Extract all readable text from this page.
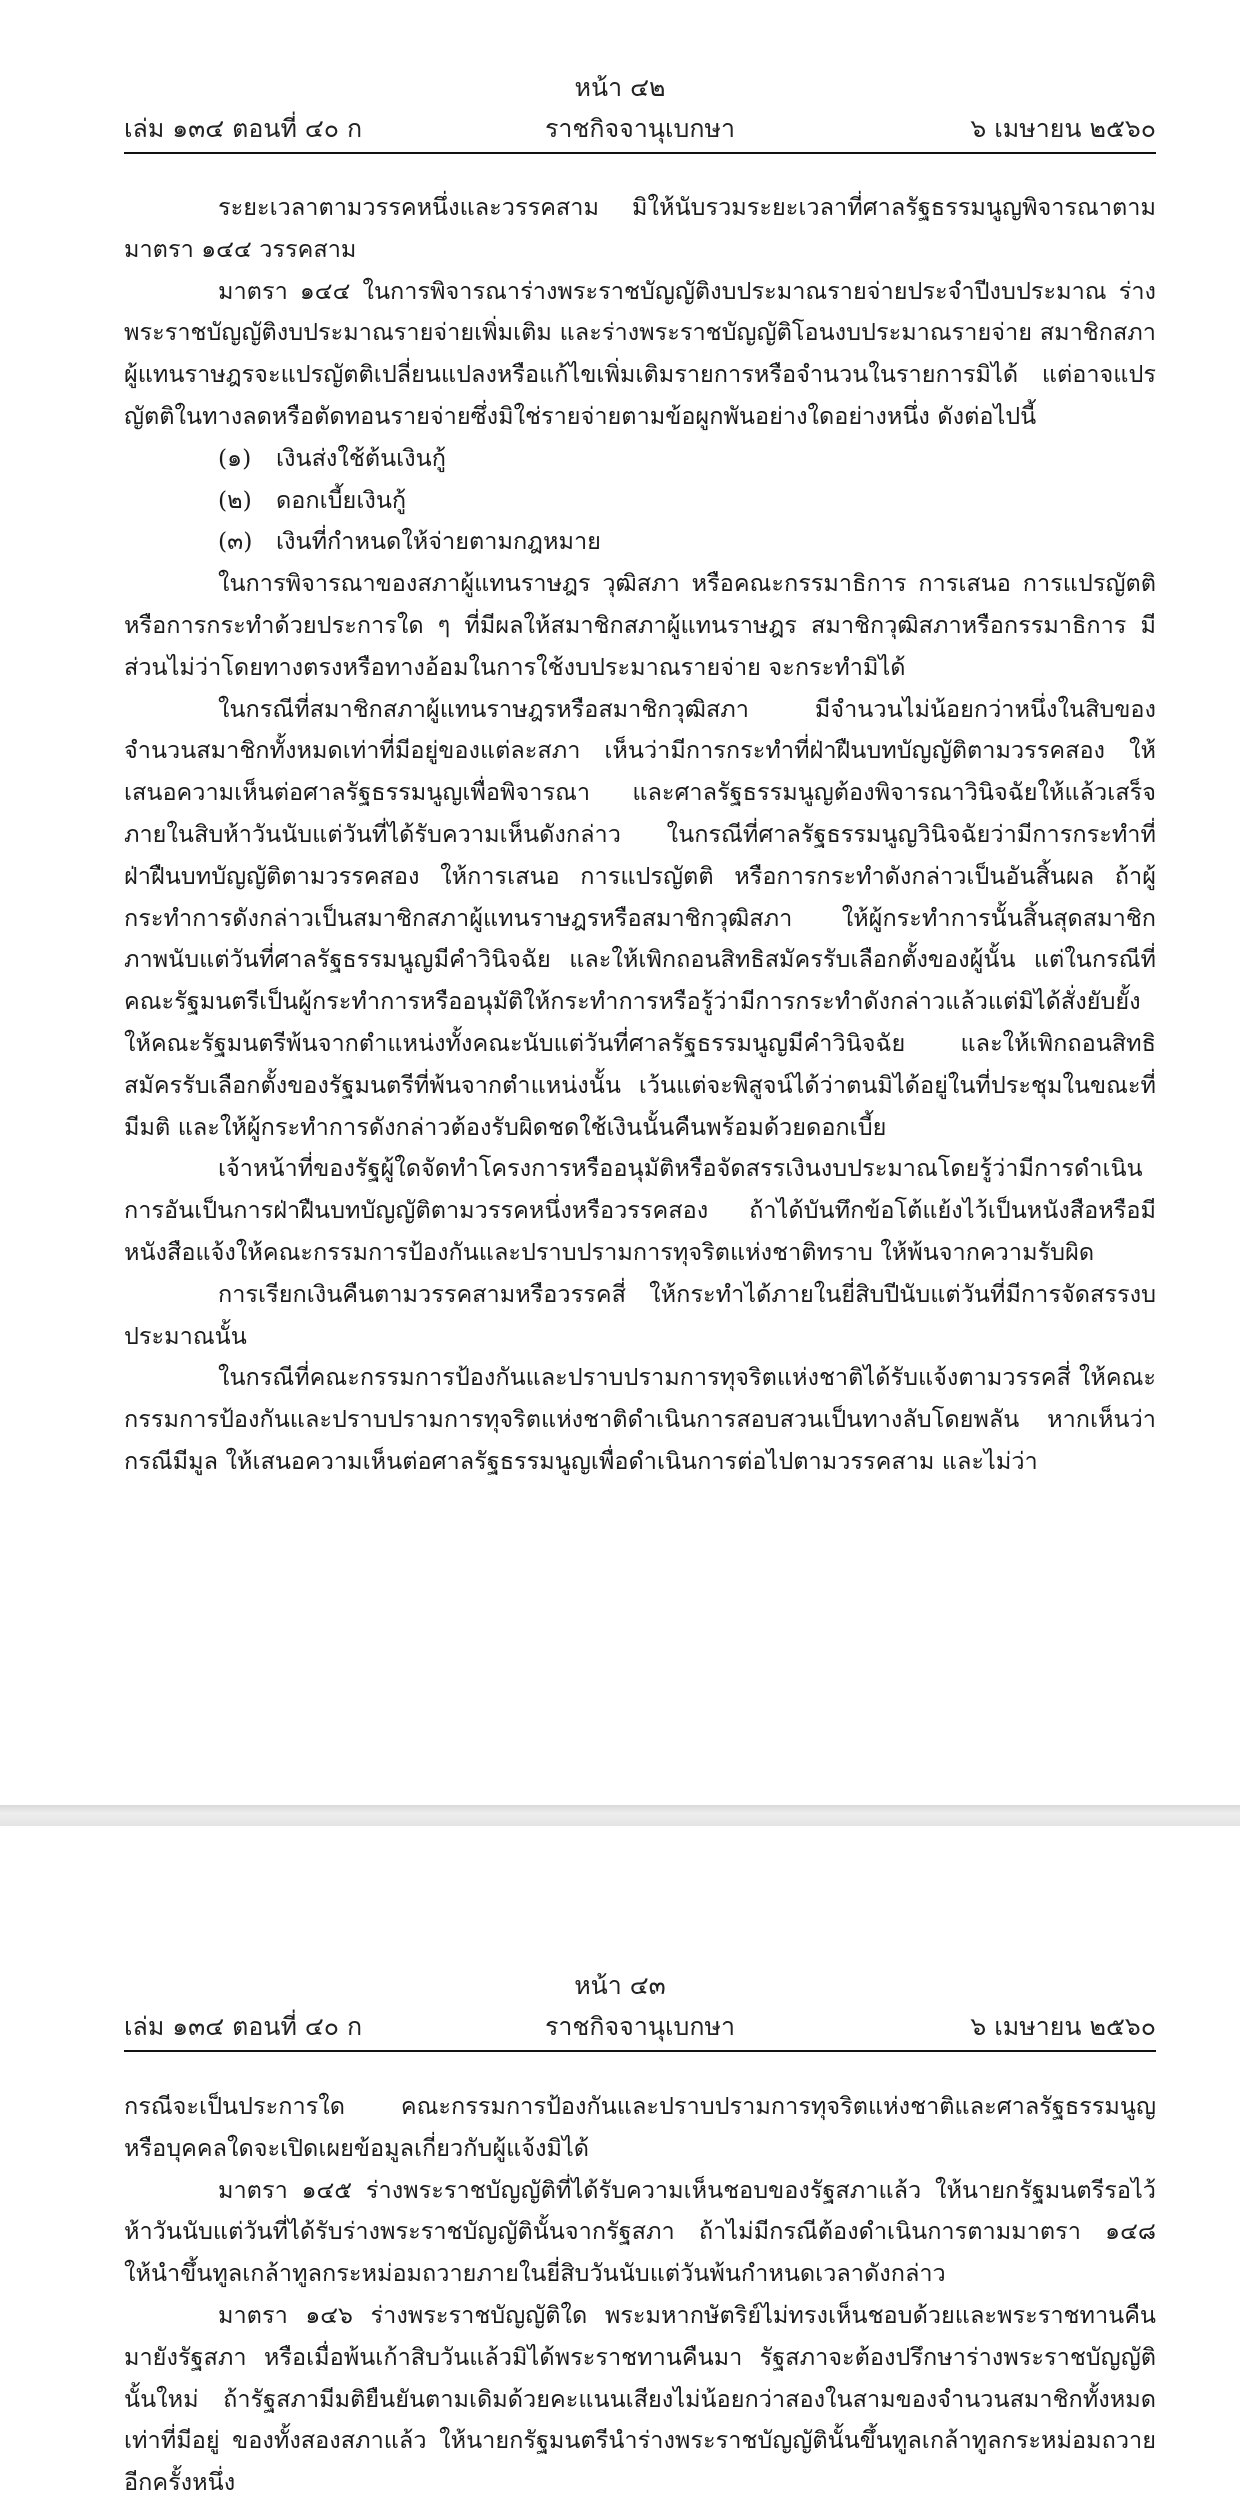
หน้า ๔๒
เล่ม ๑๓๔ ตอนที่ ๔๐ ก	ราชกิจจานุเบกษา	๖ เมษายน ๒๕๖๐

ระยะเวลาตามวรรคหนึ่งและวรรคสาม มิให้นับรวมระยะเวลาที่ศาลรัฐธรรมนูญพิจารณาตามมาตรา ๑๔๔ วรรคสาม

มาตรา ๑๔๔ ในการพิจารณาร่างพระราชบัญญัติงบประมาณรายจ่ายประจำปีงบประมาณ ร่างพระราชบัญญัติงบประมาณรายจ่ายเพิ่มเติม และร่างพระราชบัญญัติโอนงบประมาณรายจ่าย สมาชิกสภาผู้แทนราษฎรจะแปรญัตติเปลี่ยนแปลงหรือแก้ไขเพิ่มเติมรายการหรือจำนวนในรายการมิได้ แต่อาจแปรญัตติในทางลดหรือตัดทอนรายจ่ายซึ่งมิใช่รายจ่ายตามข้อผูกพันอย่างใดอย่างหนึ่ง ดังต่อไปนี้

(๑) เงินส่งใช้ต้นเงินกู้

(๒) ดอกเบี้ยเงินกู้

(๓) เงินที่กำหนดให้จ่ายตามกฎหมาย

ในการพิจารณาของสภาผู้แทนราษฎร วุฒิสภา หรือคณะกรรมาธิการ การเสนอ การแปรญัตติ หรือการกระทำด้วยประการใด ๆ ที่มีผลให้สมาชิกสภาผู้แทนราษฎร สมาชิกวุฒิสภาหรือกรรมาธิการ มีส่วนไม่ว่าโดยทางตรงหรือทางอ้อมในการใช้งบประมาณรายจ่าย จะกระทำมิได้

ในกรณีที่สมาชิกสภาผู้แทนราษฎรหรือสมาชิกวุฒิสภา มีจำนวนไม่น้อยกว่าหนึ่งในสิบของจำนวนสมาชิกทั้งหมดเท่าที่มีอยู่ของแต่ละสภา เห็นว่ามีการกระทำที่ฝ่าฝืนบทบัญญัติตามวรรคสอง ให้เสนอความเห็นต่อศาลรัฐธรรมนูญเพื่อพิจารณา และศาลรัฐธรรมนูญต้องพิจารณาวินิจฉัยให้แล้วเสร็จภายในสิบห้าวันนับแต่วันที่ได้รับความเห็นดังกล่าว ในกรณีที่ศาลรัฐธรรมนูญวินิจฉัยว่ามีการกระทำที่ฝ่าฝืนบทบัญญัติตามวรรคสอง ให้การเสนอ การแปรญัตติ หรือการกระทำดังกล่าวเป็นอันสิ้นผล ถ้าผู้กระทำการดังกล่าวเป็นสมาชิกสภาผู้แทนราษฎรหรือสมาชิกวุฒิสภา ให้ผู้กระทำการนั้นสิ้นสุดสมาชิกภาพนับแต่วันที่ศาลรัฐธรรมนูญมีคำวินิจฉัย และให้เพิกถอนสิทธิสมัครรับเลือกตั้งของผู้นั้น แต่ในกรณีที่คณะรัฐมนตรีเป็นผู้กระทำการหรืออนุมัติให้กระทำการหรือรู้ว่ามีการกระทำดังกล่าวแล้วแต่มิได้สั่งยับยั้ง ให้คณะรัฐมนตรีพ้นจากตำแหน่งทั้งคณะนับแต่วันที่ศาลรัฐธรรมนูญมีคำวินิจฉัย และให้เพิกถอนสิทธิสมัครรับเลือกตั้งของรัฐมนตรีที่พ้นจากตำแหน่งนั้น เว้นแต่จะพิสูจน์ได้ว่าตนมิได้อยู่ในที่ประชุมในขณะที่มีมติ และให้ผู้กระทำการดังกล่าวต้องรับผิดชดใช้เงินนั้นคืนพร้อมด้วยดอกเบี้ย

เจ้าหน้าที่ของรัฐผู้ใดจัดทำโครงการหรืออนุมัติหรือจัดสรรเงินงบประมาณโดยรู้ว่ามีการดำเนินการอันเป็นการฝ่าฝืนบทบัญญัติตามวรรคหนึ่งหรือวรรคสอง ถ้าได้บันทึกข้อโต้แย้งไว้เป็นหนังสือหรือมีหนังสือแจ้งให้คณะกรรมการป้องกันและปราบปรามการทุจริตแห่งชาติทราบ ให้พ้นจากความรับผิด

การเรียกเงินคืนตามวรรคสามหรือวรรคสี่ ให้กระทำได้ภายในยี่สิบปีนับแต่วันที่มีการจัดสรรงบประมาณนั้น

ในกรณีที่คณะกรรมการป้องกันและปราบปรามการทุจริตแห่งชาติได้รับแจ้งตามวรรคสี่ ให้คณะกรรมการป้องกันและปราบปรามการทุจริตแห่งชาติดำเนินการสอบสวนเป็นทางลับโดยพลัน หากเห็นว่ากรณีมีมูล ให้เสนอความเห็นต่อศาลรัฐธรรมนูญเพื่อดำเนินการต่อไปตามวรรคสาม และไม่ว่า

หน้า ๔๓
เล่ม ๑๓๔ ตอนที่ ๔๐ ก	ราชกิจจานุเบกษา	๖ เมษายน ๒๕๖๐

กรณีจะเป็นประการใด คณะกรรมการป้องกันและปราบปรามการทุจริตแห่งชาติและศาลรัฐธรรมนูญ หรือบุคคลใดจะเปิดเผยข้อมูลเกี่ยวกับผู้แจ้งมิได้

มาตรา ๑๔๕ ร่างพระราชบัญญัติที่ได้รับความเห็นชอบของรัฐสภาแล้ว ให้นายกรัฐมนตรีรอไว้ห้าวันนับแต่วันที่ได้รับร่างพระราชบัญญัตินั้นจากรัฐสภา ถ้าไม่มีกรณีต้องดำเนินการตามมาตรา ๑๔๘ ให้นำขึ้นทูลเกล้าทูลกระหม่อมถวายภายในยี่สิบวันนับแต่วันพ้นกำหนดเวลาดังกล่าว

มาตรา ๑๔๖ ร่างพระราชบัญญัติใด พระมหากษัตริย์ไม่ทรงเห็นชอบด้วยและพระราชทานคืนมายังรัฐสภา หรือเมื่อพ้นเก้าสิบวันแล้วมิได้พระราชทานคืนมา รัฐสภาจะต้องปรึกษาร่างพระราชบัญญัตินั้นใหม่ ถ้ารัฐสภามีมติยืนยันตามเดิมด้วยคะแนนเสียงไม่น้อยกว่าสองในสามของจำนวนสมาชิกทั้งหมดเท่าที่มีอยู่ ของทั้งสองสภาแล้ว ให้นายกรัฐมนตรีนำร่างพระราชบัญญัตินั้นขึ้นทูลเกล้าทูลกระหม่อมถวายอีกครั้งหนึ่ง
